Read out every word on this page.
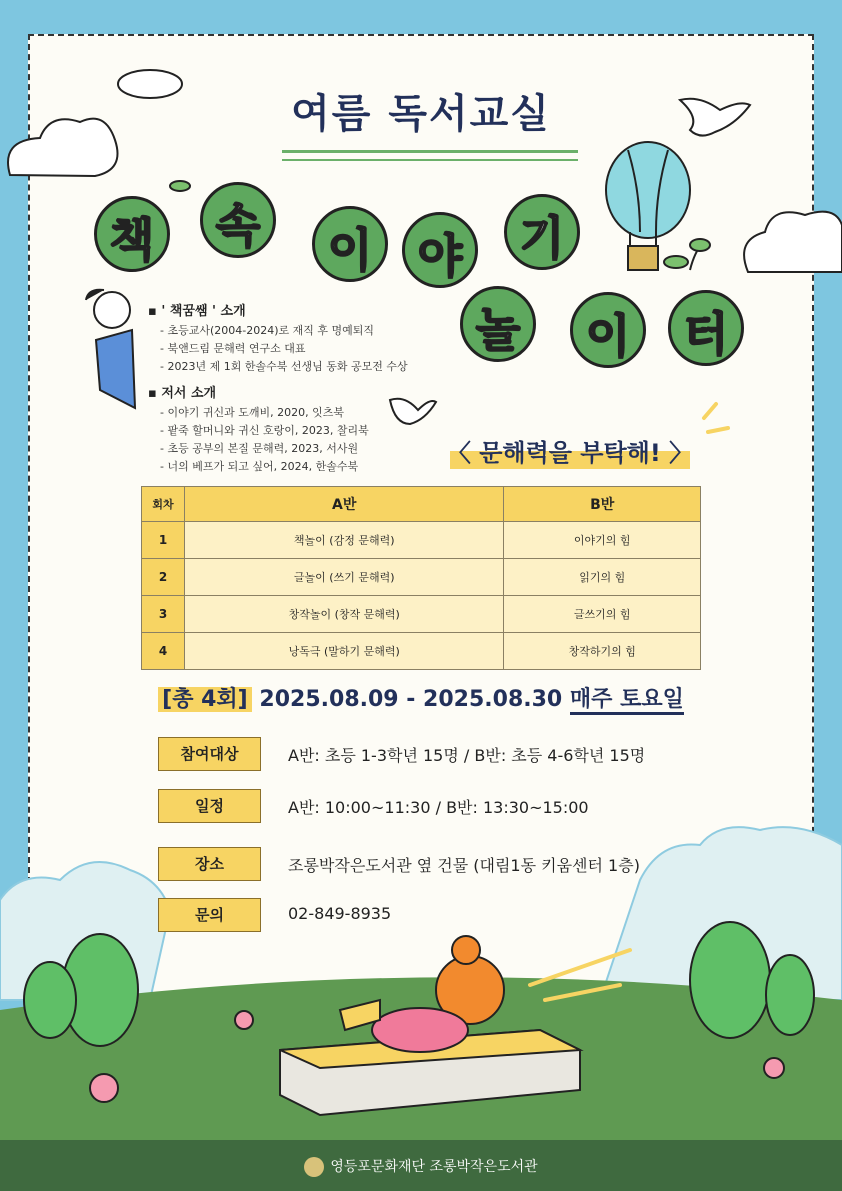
여름 독서교실
책 속 이 야 기
놀 이 터
▪ ' 책꿈쌤 ' 소개
- 초등교사(2004-2024)로 재직 후 명예퇴직
- 북앤드림 문해력 연구소 대표
- 2023년 제 1회 한솔수북 선생님 동화 공모전 수상
▪ 저서 소개
- 이야기 귀신과 도깨비, 2020, 잇츠북
- 팥죽 할머니와 귀신 호랑이, 2023, 찰리북
- 초등 공부의 본질 문해력, 2023, 서사원
- 너의 베프가 되고 싶어, 2024, 한솔수북	〈 문해력을 부탁해! 〉
회차	A반	B반
1	책놀이 (감정 문해력)	이야기의 힘
2	글놀이 (쓰기 문해력)	읽기의 힘
3	창작놀이 (창작 문해력)	글쓰기의 힘
4	낭독극 (말하기 문해력)	창작하기의 힘
[총 4회] 2025.08.09 - 2025.08.30 매주 토요일
참여대상	A반: 초등 1-3학년 15명 / B반: 초등 4-6학년 15명
일정	A반: 10:00~11:30 / B반: 13:30~15:00
장소	조롱박작은도서관 옆 건물 (대림1동 키움센터 1층)
문의	02-849-8935
영등포문화재단 조롱박작은도서관
